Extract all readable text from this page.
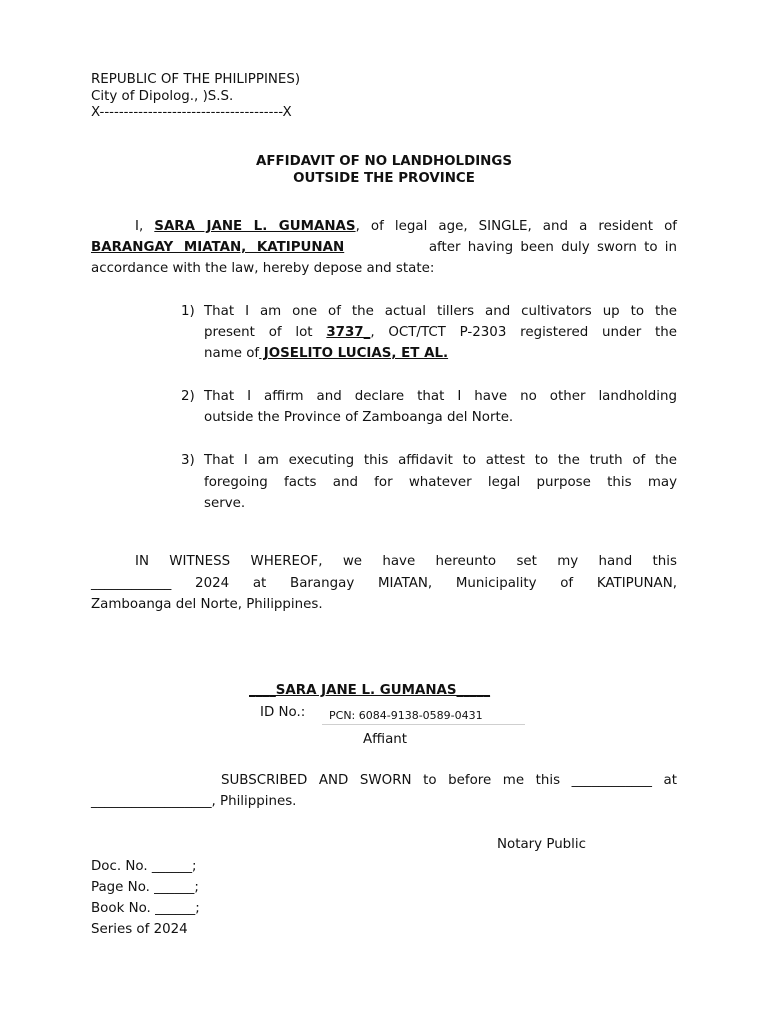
REPUBLIC OF THE PHILIPPINES)
City of Dipolog., )S.S.
X--------------------------------------X
AFFIDAVIT OF NO LANDHOLDINGS
OUTSIDE THE PROVINCE
I, SARA JANE L. GUMANAS, of legal age, SINGLE, and a resident of
BARANGAY MIATAN, KATIPUNAN	after having been duly sworn to in
accordance with the law, hereby depose and state:
1) That I am one of the actual tillers and cultivators up to the
present of lot 3737_, OCT/TCT P-2303 registered under the
name of JOSELITO LUCIAS, ET AL.
2) That I affirm and declare that I have no other landholding
outside the Province of Zamboanga del Norte.
3) That I am executing this affidavit to attest to the truth of the
foregoing facts and for whatever legal purpose this may
serve.
IN WITNESS WHEREOF, we have hereunto set my hand this
____________ 2024 at Barangay MIATAN, Municipality of KATIPUNAN,
Zamboanga del Norte, Philippines.
____SARA JANE L. GUMANAS_____
ID No.:	PCN: 6084-9138-0589-0431
Affiant
SUBSCRIBED AND SWORN to before me this ____________ at
__________________, Philippines.
Notary Public
Doc. No. ______;
Page No. ______;
Book No. ______;
Series of 2024
